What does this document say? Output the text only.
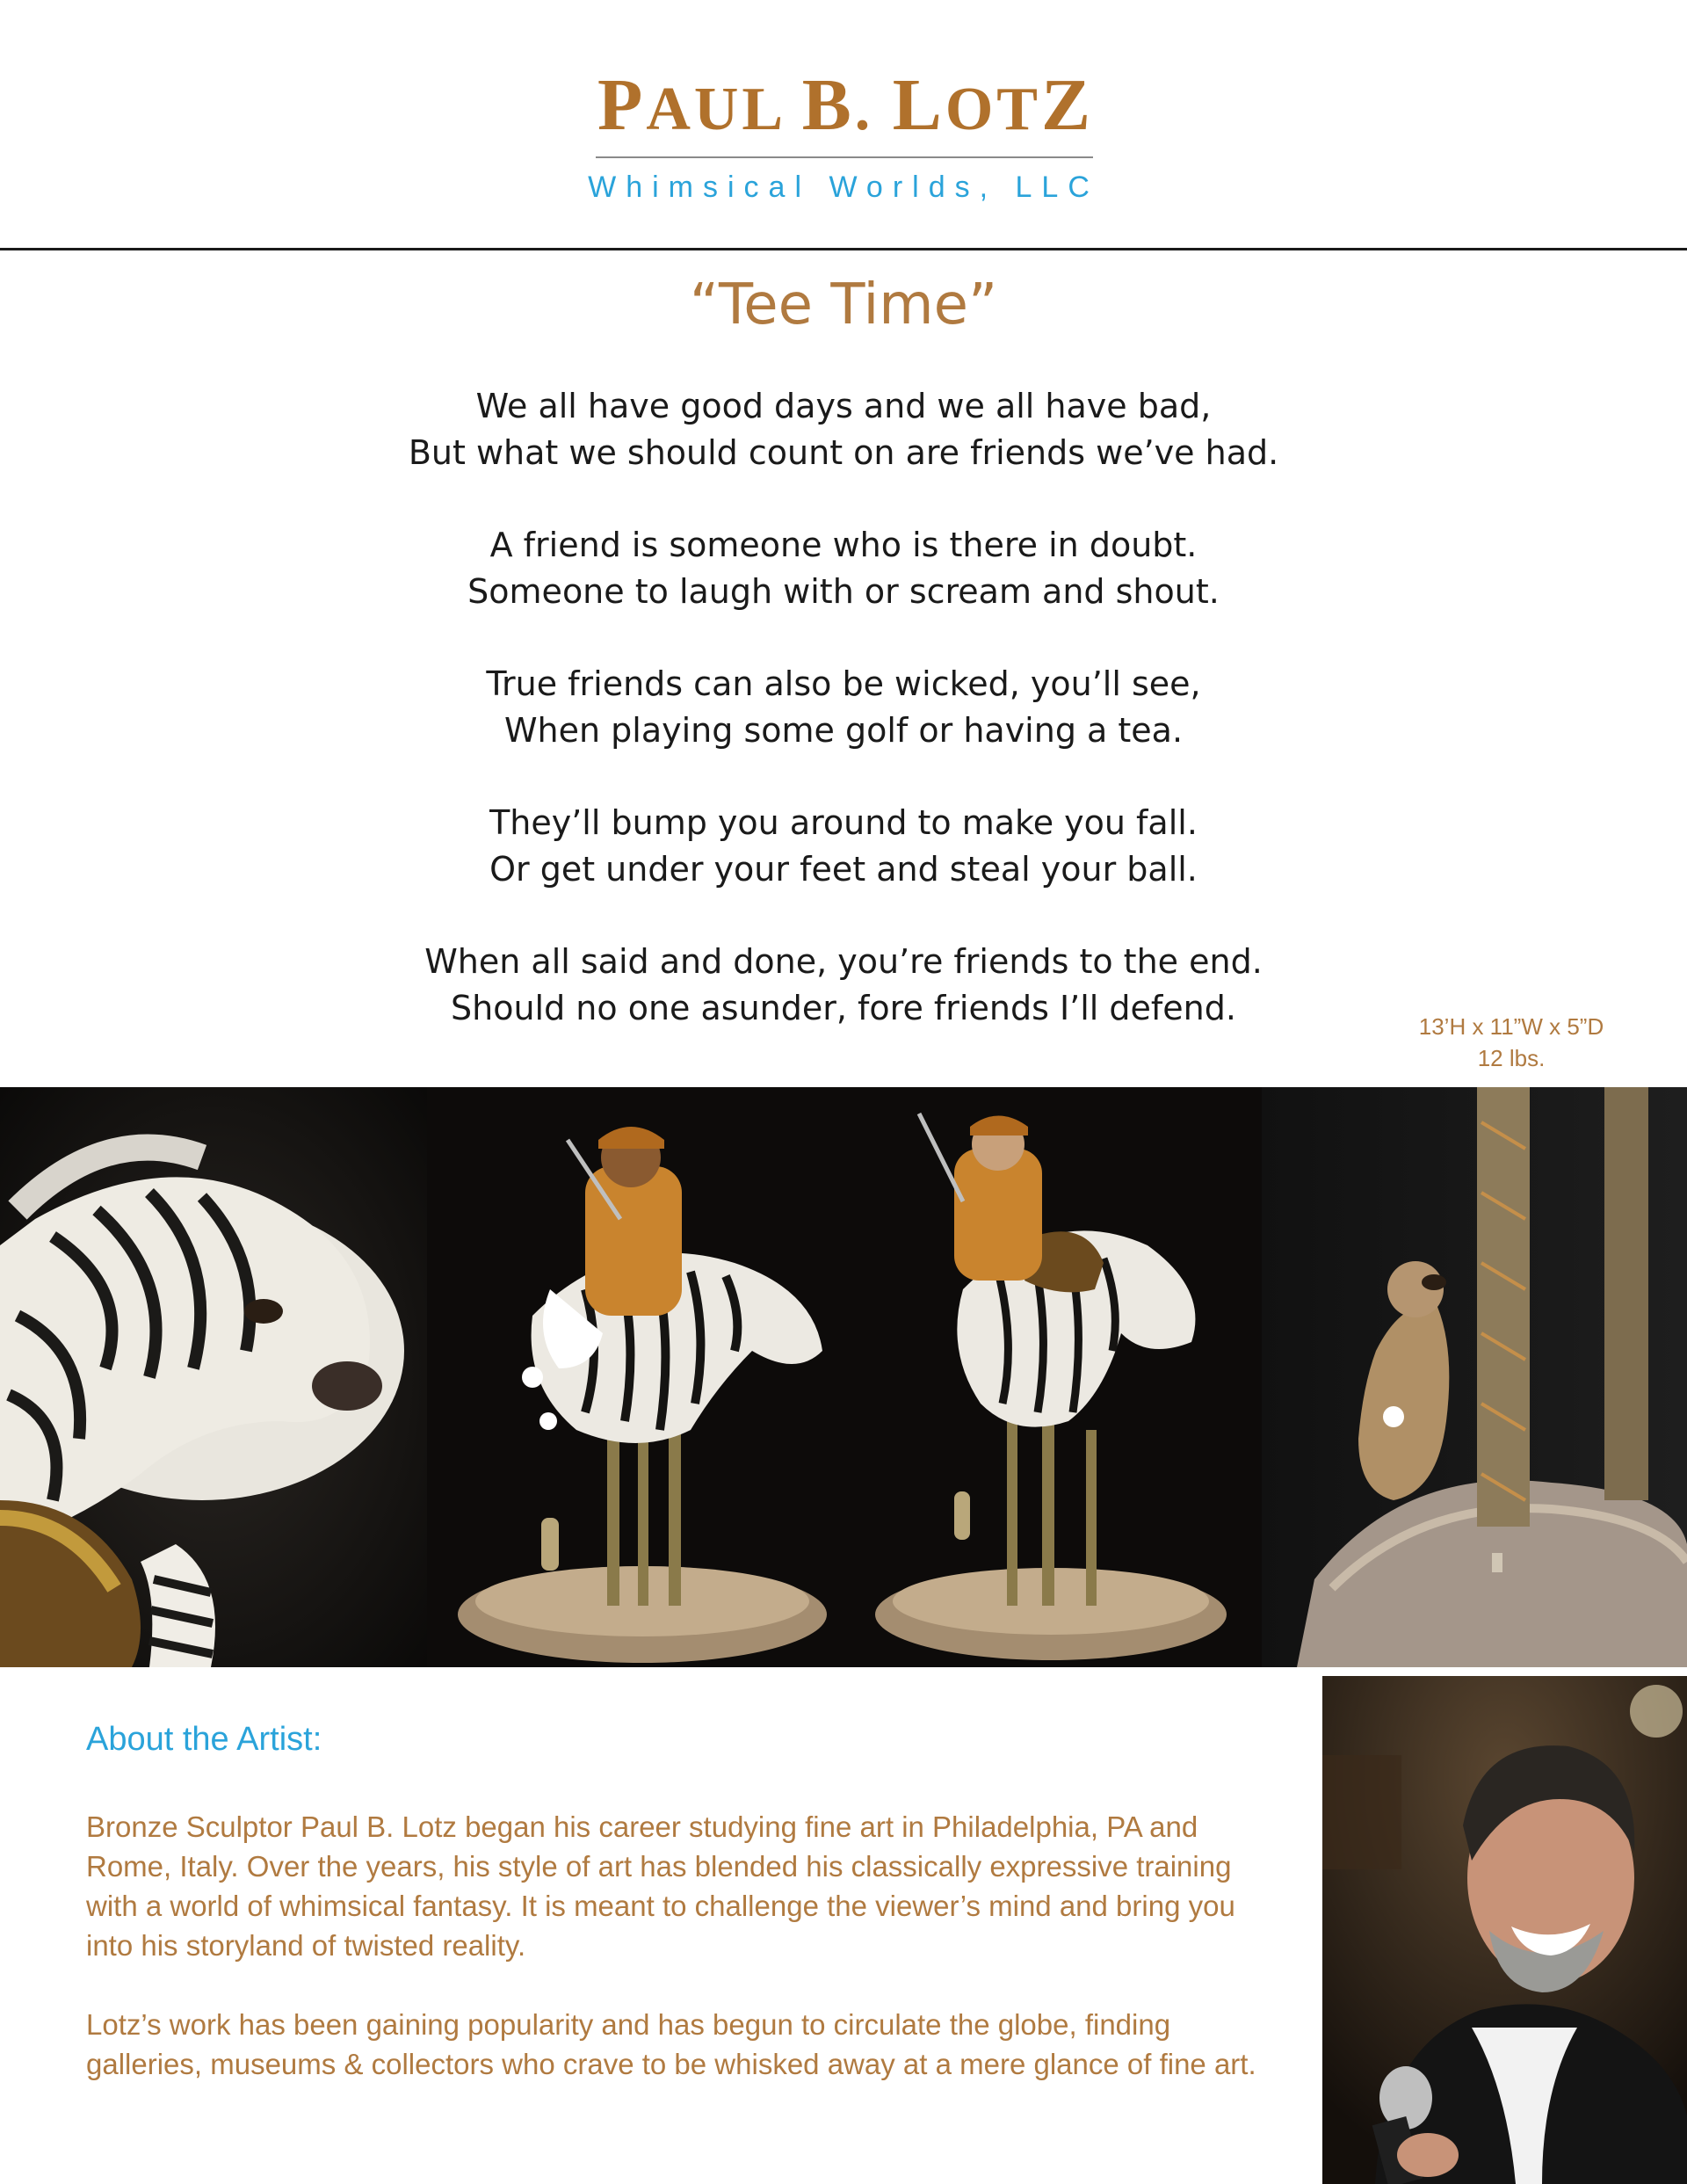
PAUL B. LOTZ
Whimsical Worlds, LLC
“Tee Time”
We all have good days and we all have bad,
But what we should count on are friends we’ve had.
A friend is someone who is there in doubt.
Someone to laugh with or scream and shout.
True friends can also be wicked, you’ll see,
When playing some golf or having a tea.
They’ll bump you around to make you fall.
Or get under your feet and steal your ball.
When all said and done, you’re friends to the end.
Should no one asunder, fore friends I’ll defend.	13’H x 11”W x 5”D
12 lbs.
About the Artist:

Bronze Sculptor Paul B. Lotz began his career studying fine art in Philadelphia, PA and Rome, Italy. Over the years, his style of art has blended his classically expressive training with a world of whimsical fantasy. It is meant to challenge the viewer’s mind and bring you into his storyland of twisted reality.

Lotz’s work has been gaining popularity and has begun to circulate the globe, finding galleries, museums & collectors who crave to be whisked away at a mere glance of fine art.
